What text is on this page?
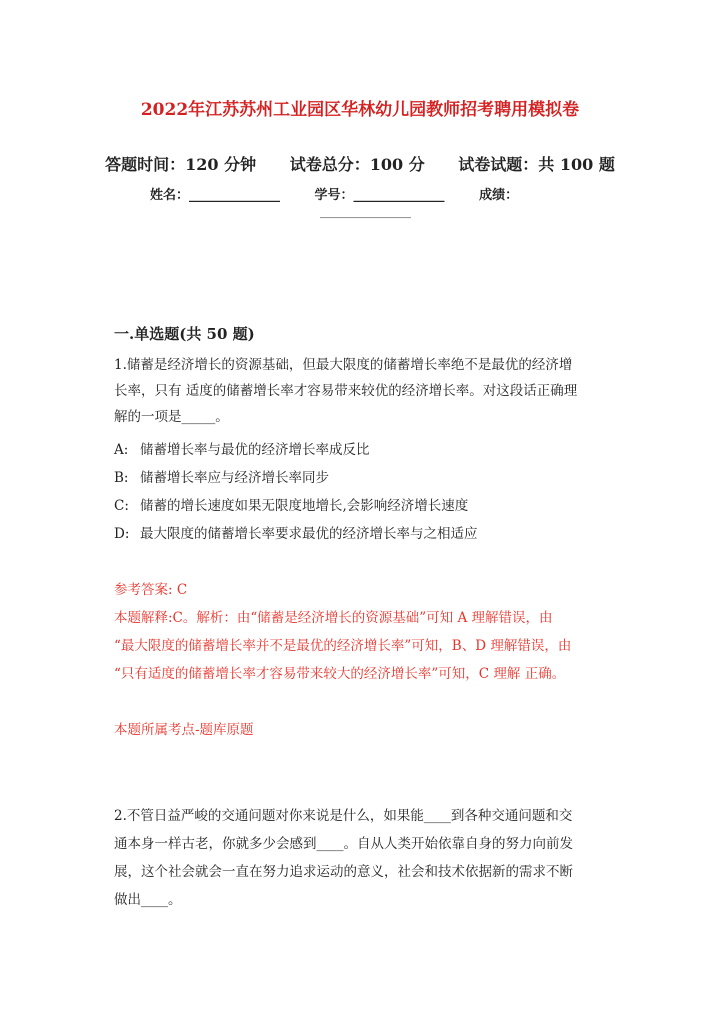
2022年江苏苏州工业园区华林幼儿园教师招考聘用模拟卷
答题时间：120 分钟 试卷总分：100 分 试卷试题：共 100 题
姓名：______________	学号：______________	成绩：
______________
一.单选题(共 50 题)

1.储蓄是经济增长的资源基础，但最大限度的储蓄增长率绝不是最优的经济增

长率，只有 适度的储蓄增长率才容易带来较优的经济增长率。对这段话正确理

解的一项是_____。

A: 储蓄增长率与最优的经济增长率成反比

B: 储蓄增长率应与经济增长率同步

C: 储蓄的增长速度如果无限度地增长,会影响经济增长速度

D: 最大限度的储蓄增长率要求最优的经济增长率与之相适应

参考答案: C

本题解释:C。解析：由“储蓄是经济增长的资源基础”可知 A 理解错误，由

“最大限度的储蓄增长率并不是最优的经济增长率”可知，B、D 理解错误，由

“只有适度的储蓄增长率才容易带来较大的经济增长率”可知，C 理解 正确。

本题所属考点-题库原题

2.不管日益严峻的交通问题对你来说是什么，如果能____到各种交通问题和交

通本身一样古老，你就多少会感到____。自从人类开始依靠自身的努力向前发

展，这个社会就会一直在努力追求运动的意义，社会和技术依据新的需求不断

做出____。
